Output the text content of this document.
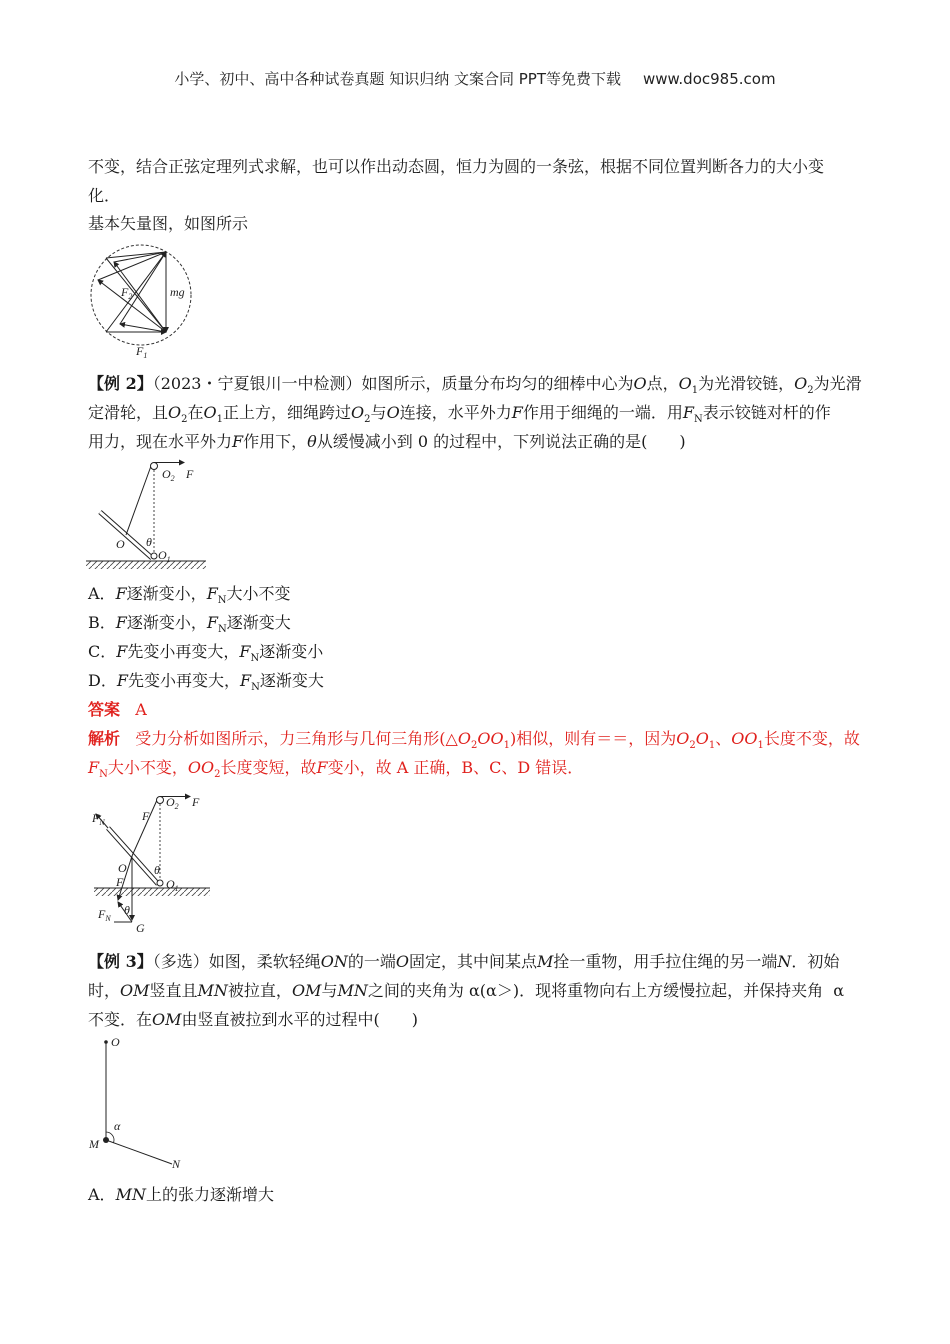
小学、初中、高中各种试卷真题 知识归纳 文案合同 PPT等免费下载 www.doc985.com
不变，结合正弦定理列式求解，也可以作出动态圆，恒力为圆的一条弦，根据不同位置判断各力的大小变
化．
基本矢量图，如图所示
$F_2$	mg
$F_1$
【例 2】（2023・宁夏银川一中检测）如图所示，质量分布均匀的细棒中心为O点，$O_1$为光滑铰链，$O_2$为光滑
定滑轮，且$O_2$在$O_1$正上方，细绳跨过$O_2$与O连接，水平外力F作用于细绳的一端．用$F_N$表示铰链对杆的作
用力，现在水平外力F作用下，θ从缓慢减小到 0 的过程中，下列说法正确的是(　　)
$O_2$ F
O θ
$O_1$
A．F逐渐变小，$F_N$大小不变
B．F逐渐变小，$F_N$逐渐变大
C．F先变小再变大，$F_N$逐渐变小
D．F先变小再变大，$F_N$逐渐变大
答案 A
解析 受力分析如图所示，力三角形与几何三角形$(\triangle O_2OO_1)$相似，则有＝＝，因为$O_2O_1$、$OO_1$长度不变，故
$F_N$大小不变，$OO_2$长度变短，故F变小，故 A 正确，B、C、D 错误．
$F_N$	F
$O_2$ F
O
F
θ
$O_1$
$F_N$
θ
G
【例 3】（多选）如图，柔软轻绳ON的一端O固定，其中间某点M拴一重物，用手拉住绳的另一端N．初始
时，OM竖直且MN被拉直，OM与MN之间的夹角为 α(α＞)．现将重物向右上方缓慢拉起，并保持夹角 α
不变．在OM由竖直被拉到水平的过程中(　　)
O
α
M
N
A．MN上的张力逐渐增大
